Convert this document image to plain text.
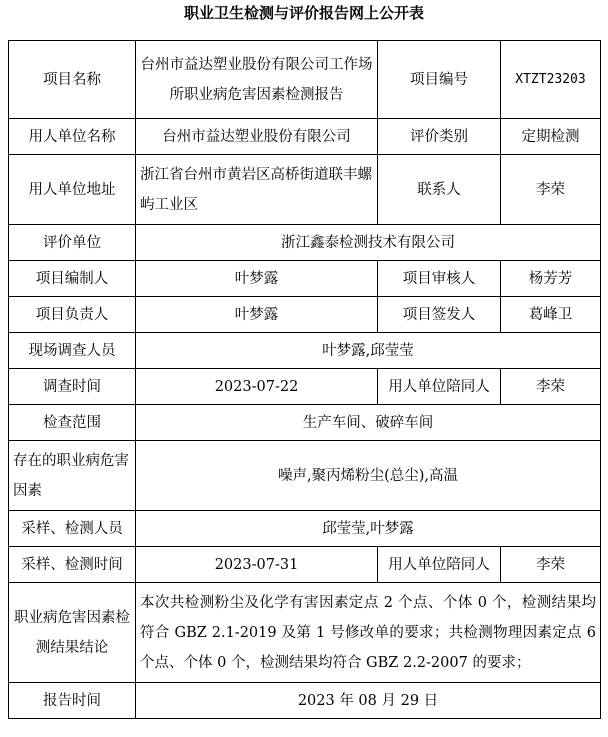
职业卫生检测与评价报告网上公开表
项目名称	台州市益达塑业股份有限公司工作场所职业病危害因素检测报告	项目编号	XTZT23203
用人单位名称	台州市益达塑业股份有限公司	评价类别	定期检测
用人单位地址	浙江省台州市黄岩区高桥街道联丰螺屿工业区	联系人	李荣
评价单位	浙江鑫泰检测技术有限公司		
项目编制人	叶梦露	项目审核人	杨芳芳
项目负责人	叶梦露	项目签发人	葛峰卫
现场调查人员	叶梦露,邱莹莹		
调查时间	2023-07-22	用人单位陪同人	李荣
检查范围	生产车间、破碎车间		
存在的职业病危害因素	噪声,聚丙烯粉尘(总尘),高温		
采样、检测人员	邱莹莹,叶梦露		
采样、检测时间	2023-07-31	用人单位陪同人	李荣
职业病危害因素检测结果结论	本次共检测粉尘及化学有害因素定点 2 个点、个体 0 个，检测结果均符合 GBZ 2.1-2019 及第 1 号修改单的要求；共检测物理因素定点 6 个点、个体 0 个，检测结果均符合 GBZ 2.2-2007 的要求；		
报告时间	2023 年 08 月 29 日		
